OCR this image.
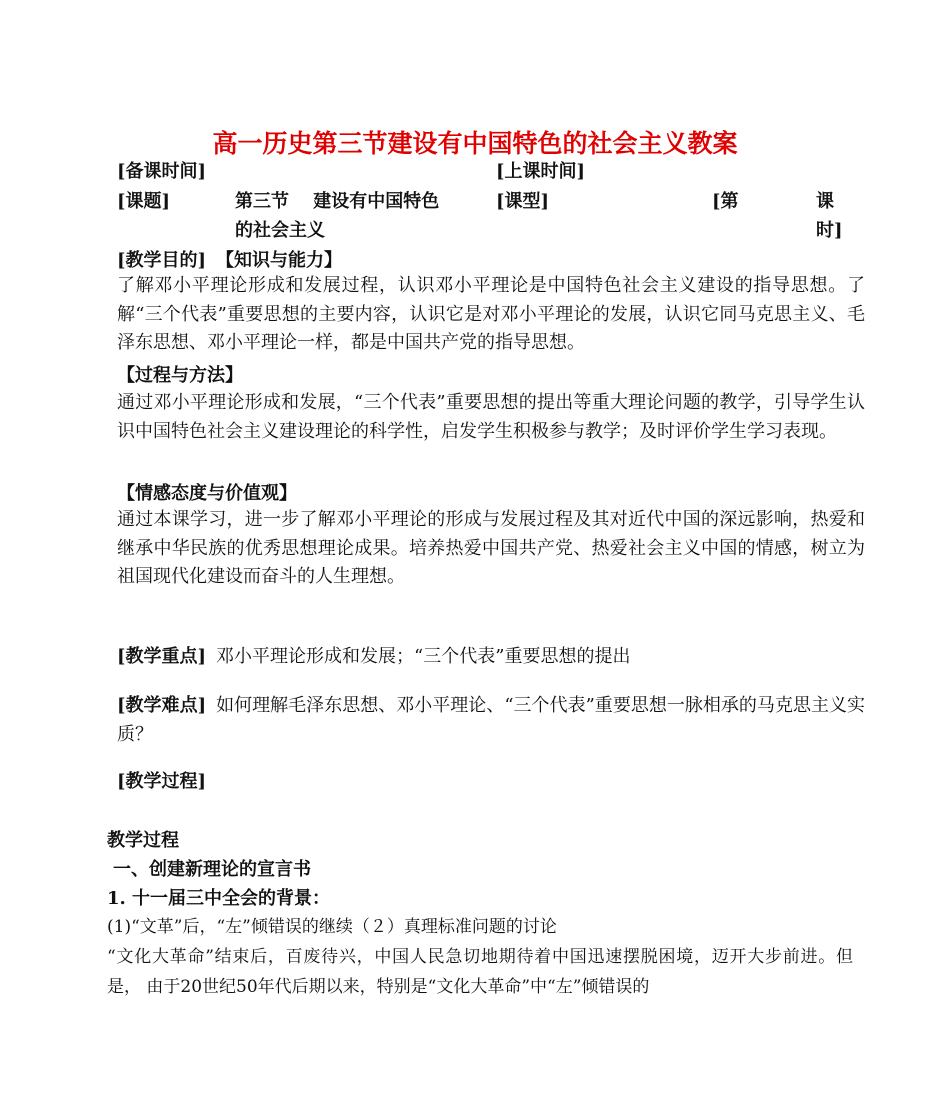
高一历史第三节建设有中国特色的社会主义教案
[备课时间]	[上课时间]
[课题]	第三节　 建设有中国特色
的社会主义
[课型]	[第	课
时]
[教学目的] 【知识与能力】
了解邓小平理论形成和发展过程，认识邓小平理论是中国特色社会主义建设的指导思想。了解“三个代表”重要思想的主要内容，认识它是对邓小平理论的发展，认识它同马克思主义、毛泽东思想、邓小平理论一样，都是中国共产党的指导思想。
【过程与方法】
通过邓小平理论形成和发展，“三个代表”重要思想的提出等重大理论问题的教学，引导学生认识中国特色社会主义建设理论的科学性，启发学生积极参与教学；及时评价学生学习表现。
【情感态度与价值观】
通过本课学习，进一步了解邓小平理论的形成与发展过程及其对近代中国的深远影响，热爱和继承中华民族的优秀思想理论成果。培养热爱中国共产党、热爱社会主义中国的情感，树立为祖国现代化建设而奋斗的人生理想。
[教学重点] 邓小平理论形成和发展；“三个代表”重要思想的提出
[教学难点] 如何理解毛泽东思想、邓小平理论、“三个代表”重要思想一脉相承的马克思主义实质？
[教学过程]
教学过程
一、创建新理论的宣言书
1. 十一届三中全会的背景：
(1)“文革”后，“左”倾错误的继续（２）真理标准问题的讨论
“文化大革命”结束后，百废待兴，中国人民急切地期待着中国迅速摆脱困境，迈开大步前进。但是， 由于20世纪50年代后期以来，特别是“文化大革命”中“左”倾错误的
